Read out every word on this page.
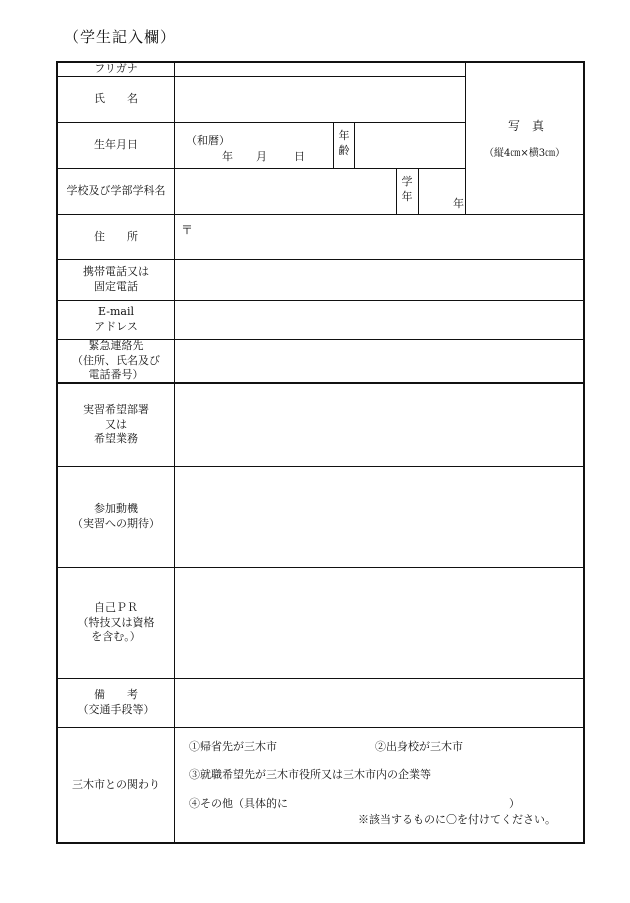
（学生記入欄）
フリガナ
氏　　名
生年月日
学校及び学部学科名
住　　所
携帯電話又は
固定電話
E-mail
アドレス
緊急連絡先
（住所、氏名及び
電話番号）
実習希望部署
又は
希望業務
参加動機
（実習への期待）
自己ＰＲ
（特技又は資格
を含む。）
備　　考
（交通手段等）
三木市との関わり
写　真
（縦4㎝×横3㎝）
（和暦）
年 月 日
年
齢
学
年
年
〒
①帰省先が三木市	②出身校が三木市
③就職希望先が三木市役所又は三木市内の企業等
④その他（具体的に	）
※該当するものに〇を付けてください。
